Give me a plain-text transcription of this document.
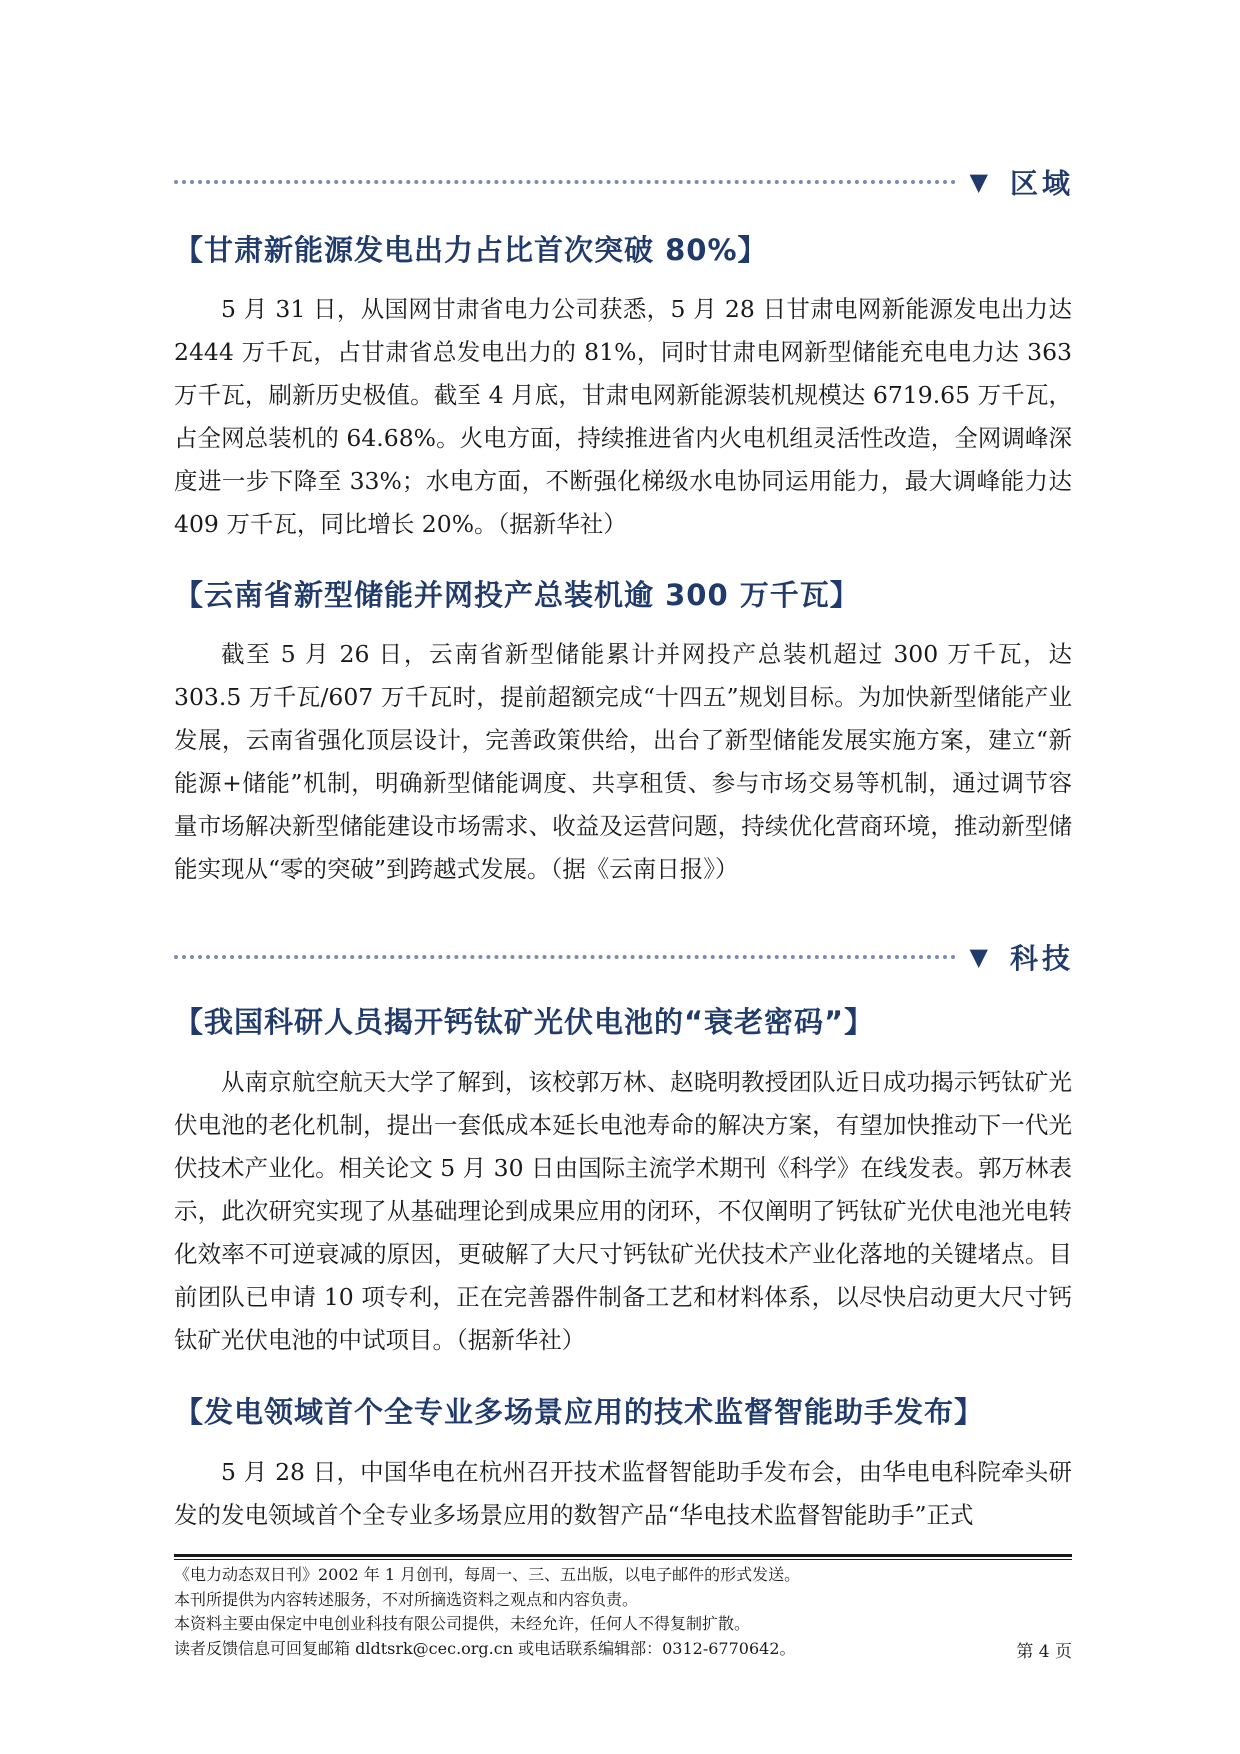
▼ 区域
【甘肃新能源发电出力占比首次突破 80%】
5 月 31 日，从国网甘肃省电力公司获悉，5 月 28 日甘肃电网新能源发电出力达 2444 万千瓦，占甘肃省总发电出力的 81%，同时甘肃电网新型储能充电电力达 363 万千瓦，刷新历史极值。截至 4 月底，甘肃电网新能源装机规模达 6719.65 万千瓦，占全网总装机的 64.68%。火电方面，持续推进省内火电机组灵活性改造，全网调峰深度进一步下降至 33%；水电方面，不断强化梯级水电协同运用能力，最大调峰能力达 409 万千瓦，同比增长 20%。（据新华社）
【云南省新型储能并网投产总装机逾 300 万千瓦】
截至 5 月 26 日，云南省新型储能累计并网投产总装机超过 300 万千瓦，达 303.5 万千瓦/607 万千瓦时，提前超额完成“十四五”规划目标。为加快新型储能产业发展，云南省强化顶层设计，完善政策供给，出台了新型储能发展实施方案，建立“新能源+储能”机制，明确新型储能调度、共享租赁、参与市场交易等机制，通过调节容量市场解决新型储能建设市场需求、收益及运营问题，持续优化营商环境，推动新型储能实现从“零的突破”到跨越式发展。（据《云南日报》）
▼ 科技
【我国科研人员揭开钙钛矿光伏电池的“衰老密码”】
从南京航空航天大学了解到，该校郭万林、赵晓明教授团队近日成功揭示钙钛矿光伏电池的老化机制，提出一套低成本延长电池寿命的解决方案，有望加快推动下一代光伏技术产业化。相关论文 5 月 30 日由国际主流学术期刊《科学》在线发表。郭万林表示，此次研究实现了从基础理论到成果应用的闭环，不仅阐明了钙钛矿光伏电池光电转化效率不可逆衰减的原因，更破解了大尺寸钙钛矿光伏技术产业化落地的关键堵点。目前团队已申请 10 项专利，正在完善器件制备工艺和材料体系，以尽快启动更大尺寸钙钛矿光伏电池的中试项目。（据新华社）
【发电领域首个全专业多场景应用的技术监督智能助手发布】
5 月 28 日，中国华电在杭州召开技术监督智能助手发布会，由华电电科院牵头研发的发电领域首个全专业多场景应用的数智产品“华电技术监督智能助手”正式
《电力动态双日刊》2002 年 1 月创刊，每周一、三、五出版，以电子邮件的形式发送。
本刊所提供为内容转述服务，不对所摘选资料之观点和内容负责。
本资料主要由保定中电创业科技有限公司提供，未经允许，任何人不得复制扩散。
读者反馈信息可回复邮箱 dldtsrk@cec.org.cn 或电话联系编辑部：0312-6770642。	第 4 页
